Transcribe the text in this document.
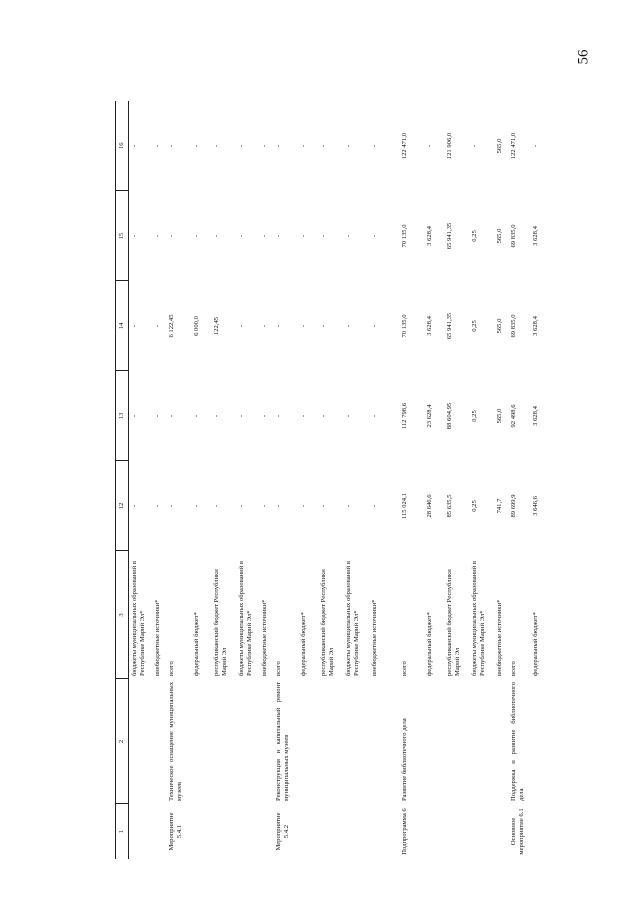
56
1	2	3	12	13	14	15	16
		бюджеты муниципальных образований в Республике Марий Эл*	-	-	-	-	-
		внебюджетные источники*	-	-	-	-	-
Мероприятие 5.4.1	Техническое оснащение муниципальных музеев	всего	-	-	6 122,45	-	-
		федеральный бюджет*	-	-	6 000,0	-	-
		республиканский бюджет Республики Марий Эл	-	-	122,45	-	-
		бюджеты муниципальных образований в Республике Марий Эл*	-	-	-	-	-
		внебюджетные источники*	-	-	-	-	-
Мероприятие 5.4.2	Реконструкция и капитальный ремонт муниципальных музеев	всего	-	-	-	-	-
		федеральный бюджет*	-	-	-	-	-
		республиканский бюджет Республики Марий Эл	-	-	-	-	-
		бюджеты муниципальных образований в Республике Марий Эл*	-	-	-	-	-
		внебюджетные источники*	-	-	-	-	-
Подпрограмма 6	Развитие библиотечного дела	всего	115 024,1	112 798,6	70 135,0	70 135,0	122 471,0
		федеральный бюджет*	28 646,6	23 628,4	3 628,4	3 628,4	-
		республиканский бюджет Республики Марий Эл	85 635,5	88 604,95	65 941,35	65 941,35	121 906,0
		бюджеты муниципальных образований в Республике Марий Эл*	0,25	0,25	0,25	0,25	-
		внебюджетные источники*	741,7	565,0	565,0	565,0	565,0
Основное мероприятие 6.1	Поддержка и развитие библиотечного дела	всего	89 699,9	92 498,6	69 835,0	69 835,0	122 471,0
		федеральный бюджет*	3 646,6	3 628,4	3 628,4	3 628,4	-
